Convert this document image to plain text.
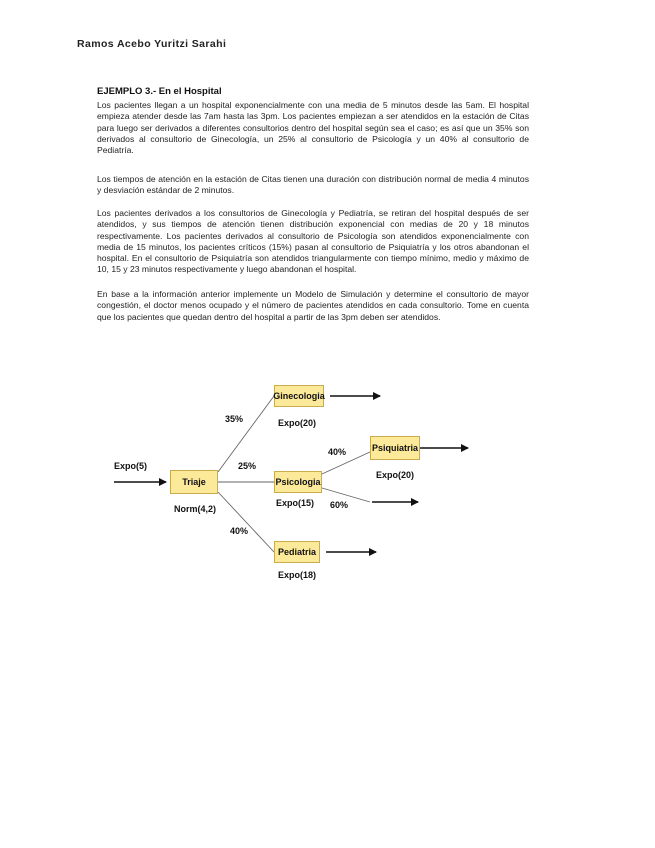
Ramos Acebo Yuritzi Sarahi
EJEMPLO 3.- En el Hospital

Los pacientes llegan a un hospital exponencialmente con una media de 5 minutos desde las 5am. El hospital empieza atender desde las 7am hasta las 3pm. Los pacientes empiezan a ser atendidos en la estación de Citas para luego ser derivados a diferentes consultorios dentro del hospital según sea el caso; es así que un 35% son derivados al consultorio de Ginecología, un 25% al consultorio de Psicología y un 40% al consultorio de Pediatría.

Los tiempos de atención en la estación de Citas tienen una duración con distribución normal de media 4 minutos y desviación estándar de 2 minutos.

Los pacientes derivados a los consultorios de Ginecología y Pediatría, se retiran del hospital después de ser atendidos, y sus tiempos de atención tienen distribución exponencial con medias de 20 y 18 minutos respectivamente. Los pacientes derivados al consultorio de Psicología son atendidos exponencialmente con media de 15 minutos, los pacientes críticos (15%) pasan al consultorio de Psiquiatría y los otros abandonan el hospital. En el consultorio de Psiquiatría son atendidos triangularmente con tiempo mínimo, medio y máximo de 10, 15 y 23 minutos respectivamente y luego abandonan el hospital.

En base a la información anterior implemente un Modelo de Simulación y determine el consultorio de mayor congestión, el doctor menos ocupado y el número de pacientes atendidos en cada consultorio. Tome en cuenta que los pacientes que quedan dentro del hospital a partir de las 3pm deben ser atendidos.

Expo(5)
Triaje
Norm(4,2)
Ginecologia
Expo(20)
Psicologia
Expo(15)
Pediatria
Expo(18)
Psiquiatria
Expo(20)
35%
25%
40%
40%
60%
